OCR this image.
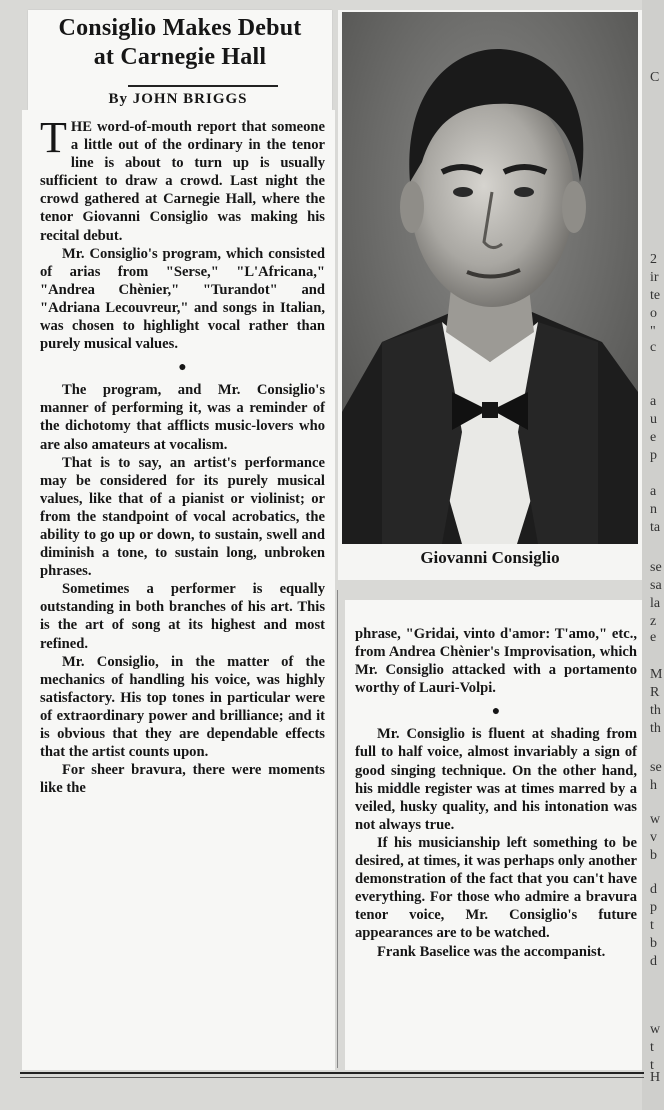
Consiglio Makes Debut
at Carnegie Hall
By JOHN BRIGGS

THE word-of-mouth report that someone a little out of the ordinary in the tenor line is about to turn up is usually sufficient to draw a crowd. Last night the crowd gathered at Carnegie Hall, where the tenor Giovanni Consiglio was making his recital debut.

Mr. Consiglio's program, which consisted of arias from "Serse," "L'Africana," "Andrea Chènier," "Turandot" and "Adriana Lecouvreur," and songs in Italian, was chosen to highlight vocal rather than purely musical values.

●

The program, and Mr. Consiglio's manner of performing it, was a reminder of the dichotomy that afflicts music-lovers who are also amateurs at vocalism.

That is to say, an artist's performance may be considered for its purely musical values, like that of a pianist or violinist; or from the standpoint of vocal acrobatics, the ability to go up or down, to sustain, swell and diminish a tone, to sustain long, unbroken phrases.

Sometimes a performer is equally outstanding in both branches of his art. This is the art of song at its highest and most refined.

Mr. Consiglio, in the matter of the mechanics of handling his voice, was highly satisfactory. His top tones in particular were of extraordinary power and brilliance; and it is obvious that they are dependable effects that the artist counts upon.

For sheer bravura, there were moments like the

Giovanni Consiglio

phrase, "Gridai, vinto d'amor: T'amo," etc., from Andrea Chènier's Improvisation, which Mr. Consiglio attacked with a portamento worthy of Lauri-Volpi.

●

Mr. Consiglio is fluent at shading from full to half voice, almost invariably a sign of good singing technique. On the other hand, his middle register was at times marred by a veiled, husky quality, and his intonation was not always true.

If his musicianship left something to be desired, at times, it was perhaps only another demonstration of the fact that you can't have everything. For those who admire a bravura tenor voice, Mr. Consiglio's future appearances are to be watched.

Frank Baselice was the accompanist.

C
2
ir
te
o
"
c
a
u
e
p
a
n
ta
se
sa
la
z
e
M
R
th
th
se
h
w
v
b
d
p
t
b
d
w
t
t
H
